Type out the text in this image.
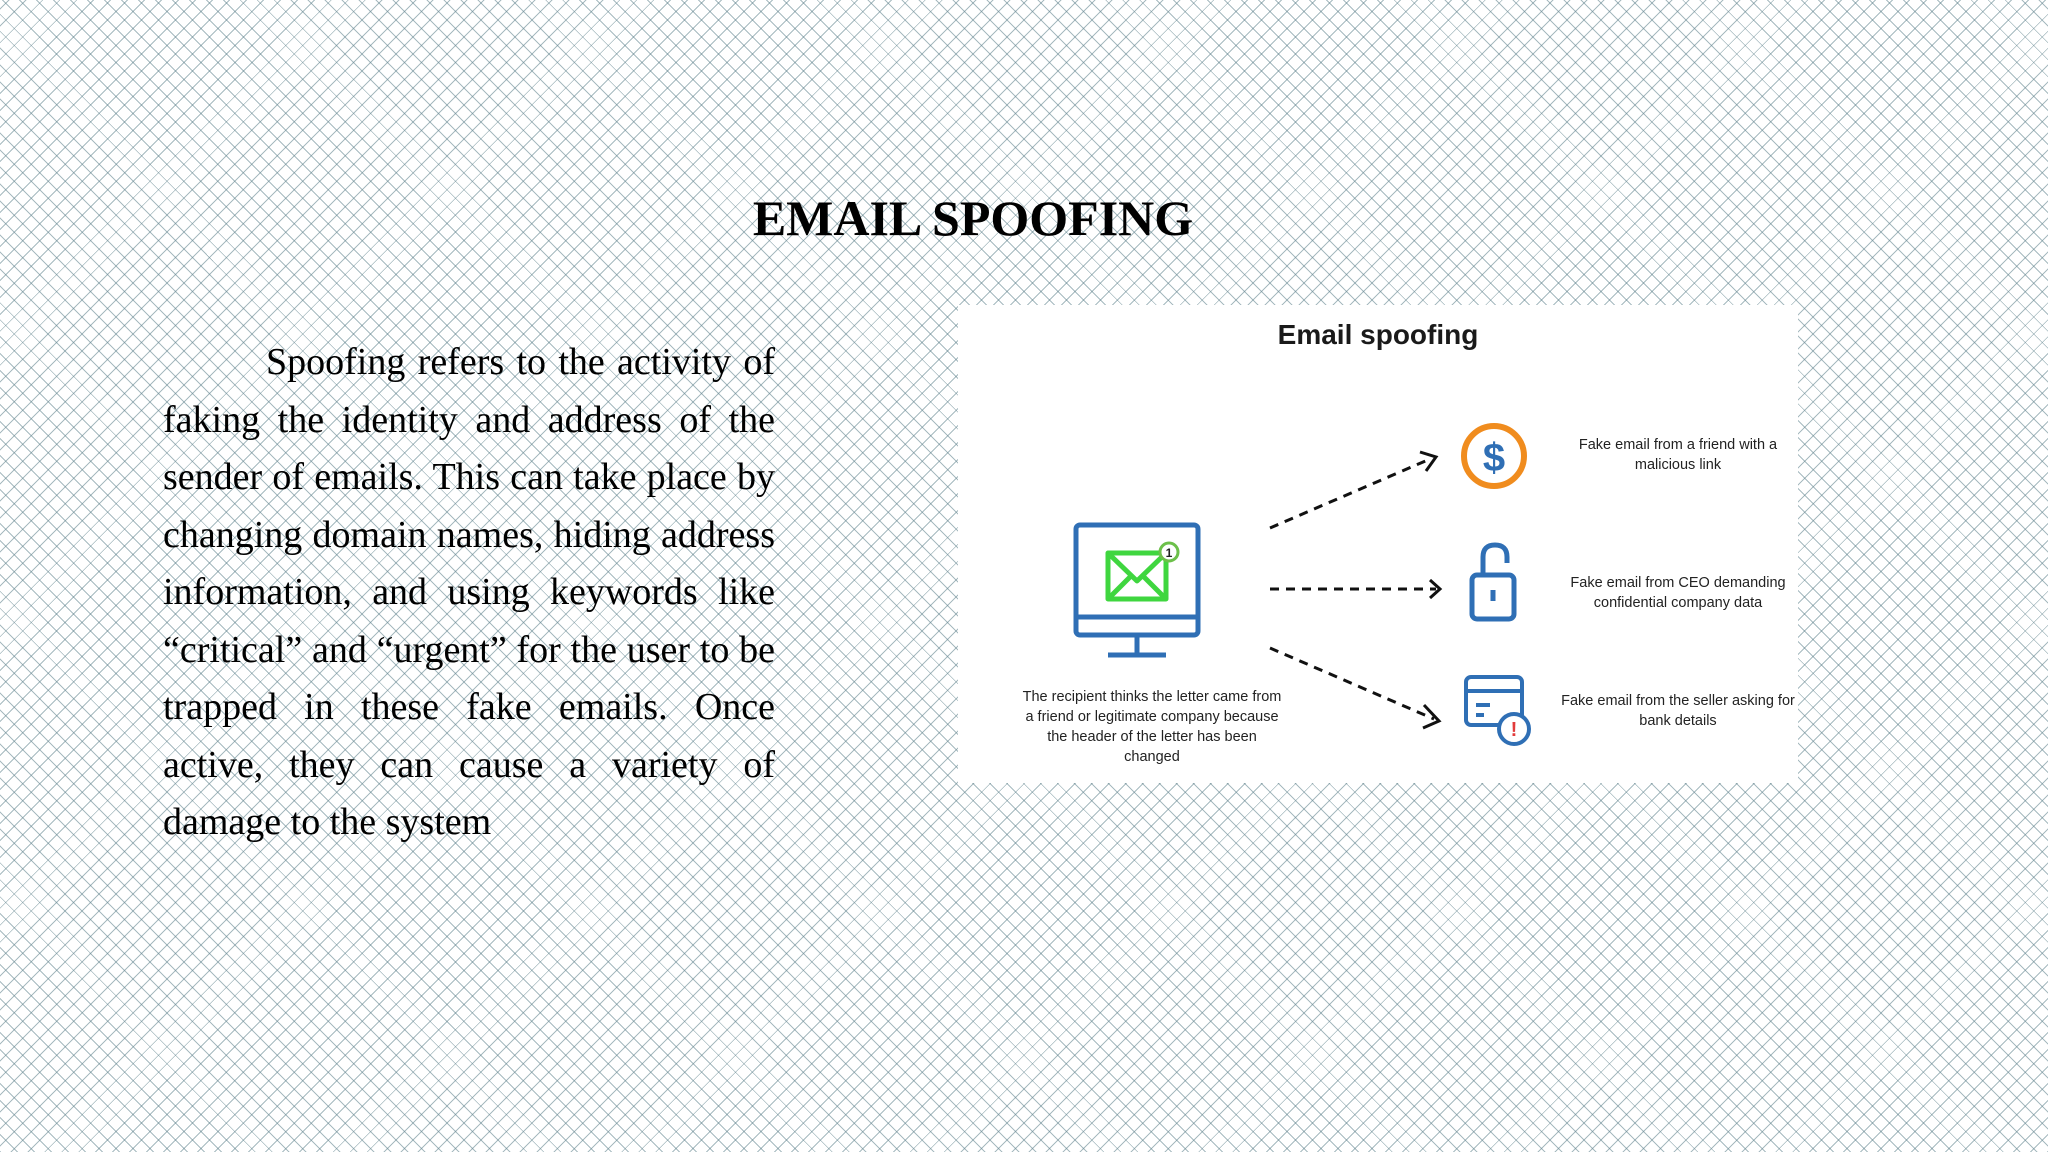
EMAIL SPOOFING

Spoofing refers to the activity of faking the identity and address of the sender of emails. This can take place by changing domain names, hiding address information, and using keywords like “critical” and “urgent” for the user to be trapped in these fake emails. Once active, they can cause a variety of damage to the system

Email spoofing
1
$
!
The recipient thinks the letter came from a friend or legitimate company because the header of the letter has been changed
Fake email from a friend with a malicious link
Fake email from CEO demanding confidential company data
Fake email from the seller asking for bank details
